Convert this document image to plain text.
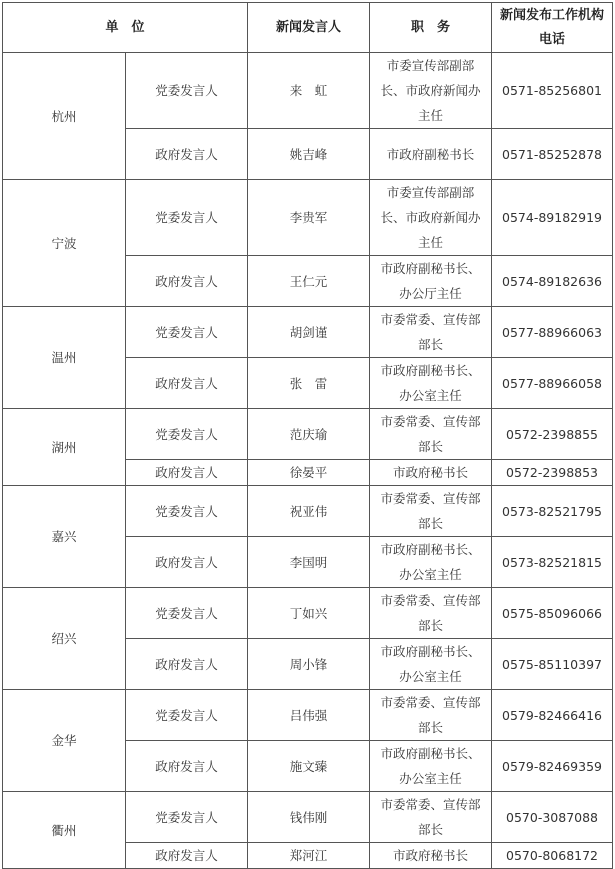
单　位		新闻发言人	职　务	新闻发布工作机构电话
杭州	党委发言人	来　虹	市委宣传部副部长、市政府新闻办主任	0571-85256801
	政府发言人	姚吉峰	市政府副秘书长	0571-85252878
宁波	党委发言人	李贵军	市委宣传部副部长、市政府新闻办主任	0574-89182919
	政府发言人	王仁元	市政府副秘书长、办公厅主任	0574-89182636
温州	党委发言人	胡剑谨	市委常委、宣传部部长	0577-88966063
	政府发言人	张　雷	市政府副秘书长、办公室主任	0577-88966058
湖州	党委发言人	范庆瑜	市委常委、宣传部部长	0572-2398855
	政府发言人	徐晏平	市政府秘书长	0572-2398853
嘉兴	党委发言人	祝亚伟	市委常委、宣传部部长	0573-82521795
	政府发言人	李国明	市政府副秘书长、办公室主任	0573-82521815
绍兴	党委发言人	丁如兴	市委常委、宣传部部长	0575-85096066
	政府发言人	周小锋	市政府副秘书长、办公室主任	0575-85110397
金华	党委发言人	吕伟强	市委常委、宣传部部长	0579-82466416
	政府发言人	施文臻	市政府副秘书长、办公室主任	0579-82469359
衢州	党委发言人	钱伟刚	市委常委、宣传部部长	0570-3087088
	政府发言人	郑河江	市政府秘书长	0570-8068172
